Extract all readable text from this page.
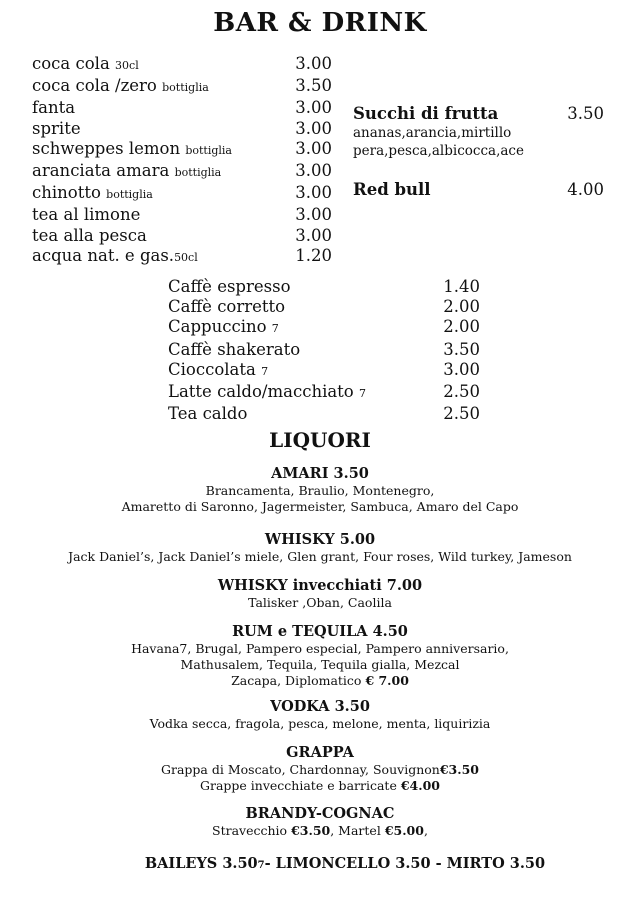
BAR & DRINK
coca cola 30cl	3.00
coca cola /zero bottiglia	3.50
fanta	3.00
sprite	3.00
schweppes lemon bottiglia	3.00
aranciata amara bottiglia	3.00
chinotto bottiglia	3.00
tea al limone	3.00
tea alla pesca	3.00
acqua nat. e gas.50cl	1.20
Succhi di frutta	3.50
ananas,arancia,mirtillo
pera,pesca,albicocca,ace
Red bull	4.00
Caffè espresso	1.40
Caffè corretto	2.00
Cappuccino 7	2.00
Caffè shakerato	3.50
Cioccolata 7	3.00
Latte caldo/macchiato 7	2.50
Tea caldo	2.50
LIQUORI
AMARI 3.50
Brancamenta, Braulio, Montenegro,
Amaretto di Saronno, Jagermeister, Sambuca, Amaro del Capo
WHISKY 5.00
Jack Daniel’s, Jack Daniel’s miele, Glen grant, Four roses, Wild turkey, Jameson
WHISKY invecchiati 7.00
Talisker ,Oban, Caolila
RUM e TEQUILA 4.50
Havana7, Brugal, Pampero especial, Pampero anniversario,
Mathusalem, Tequila, Tequila gialla, Mezcal
Zacapa, Diplomatico € 7.00
VODKA 3.50
Vodka secca, fragola, pesca, melone, menta, liquirizia
GRAPPA
Grappa di Moscato, Chardonnay, Souvignon€3.50
Grappe invecchiate e barricate €4.00
BRANDY-COGNAC
Stravecchio €3.50, Martel €5.00,
BAILEYS 3.507- LIMONCELLO 3.50 - MIRTO 3.50
